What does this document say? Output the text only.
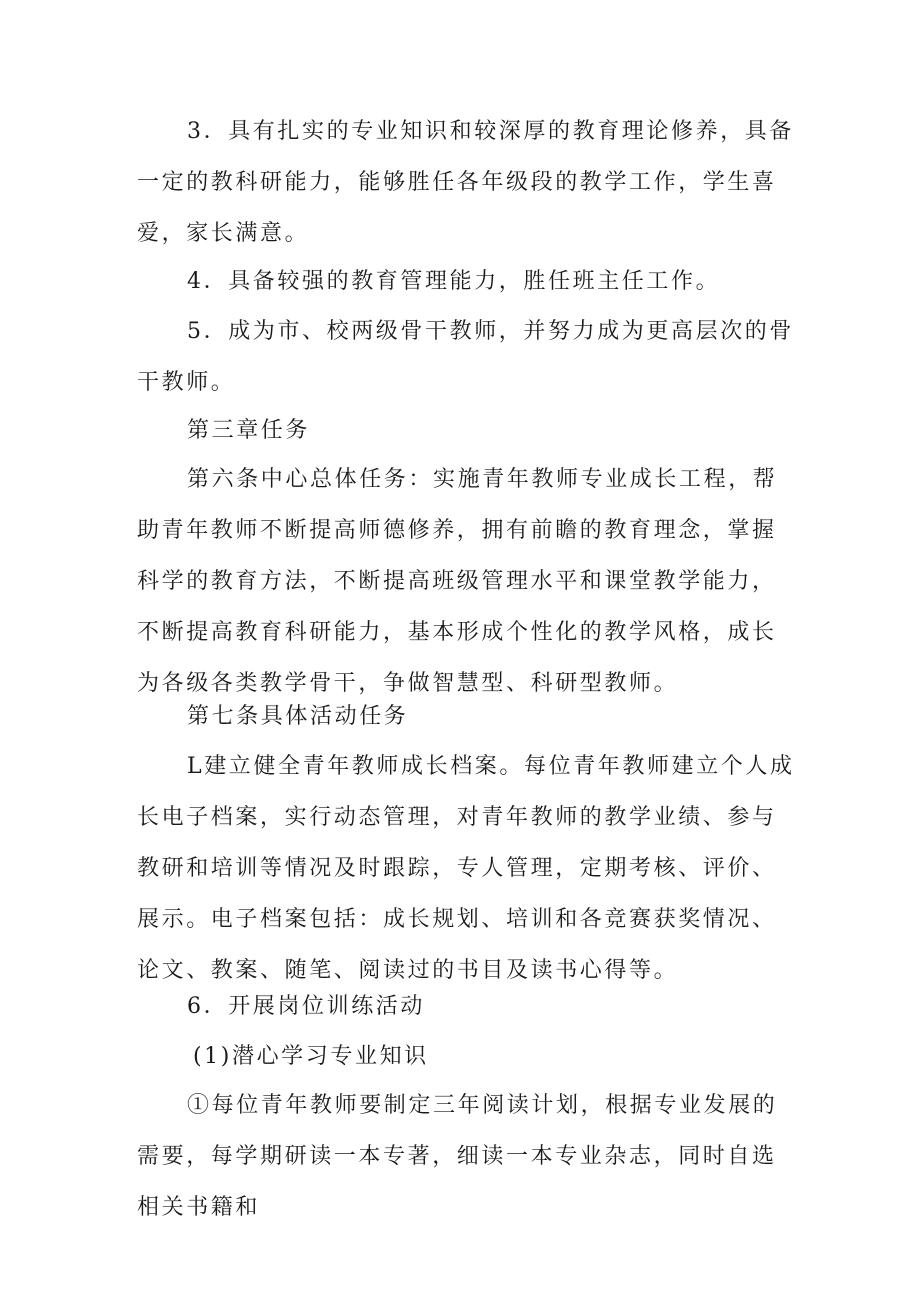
3．具有扎实的专业知识和较深厚的教育理论修养，具备一定的教科研能力，能够胜任各年级段的教学工作，学生喜爱，家长满意。

4．具备较强的教育管理能力，胜任班主任工作。

5．成为市、校两级骨干教师，并努力成为更高层次的骨干教师。

第三章任务

第六条中心总体任务：实施青年教师专业成长工程，帮助青年教师不断提高师德修养，拥有前瞻的教育理念，掌握科学的教育方法，不断提高班级管理水平和课堂教学能力，不断提高教育科研能力，基本形成个性化的教学风格，成长为各级各类教学骨干，争做智慧型、科研型教师。

第七条具体活动任务

L建立健全青年教师成长档案。每位青年教师建立个人成长电子档案，实行动态管理，对青年教师的教学业绩、参与教研和培训等情况及时跟踪，专人管理，定期考核、评价、展示。电子档案包括：成长规划、培训和各竞赛获奖情况、论文、教案、随笔、阅读过的书目及读书心得等。

6．开展岗位训练活动

(1)潜心学习专业知识

①每位青年教师要制定三年阅读计划，根据专业发展的需要，每学期研读一本专著，细读一本专业杂志，同时自选相关书籍和
